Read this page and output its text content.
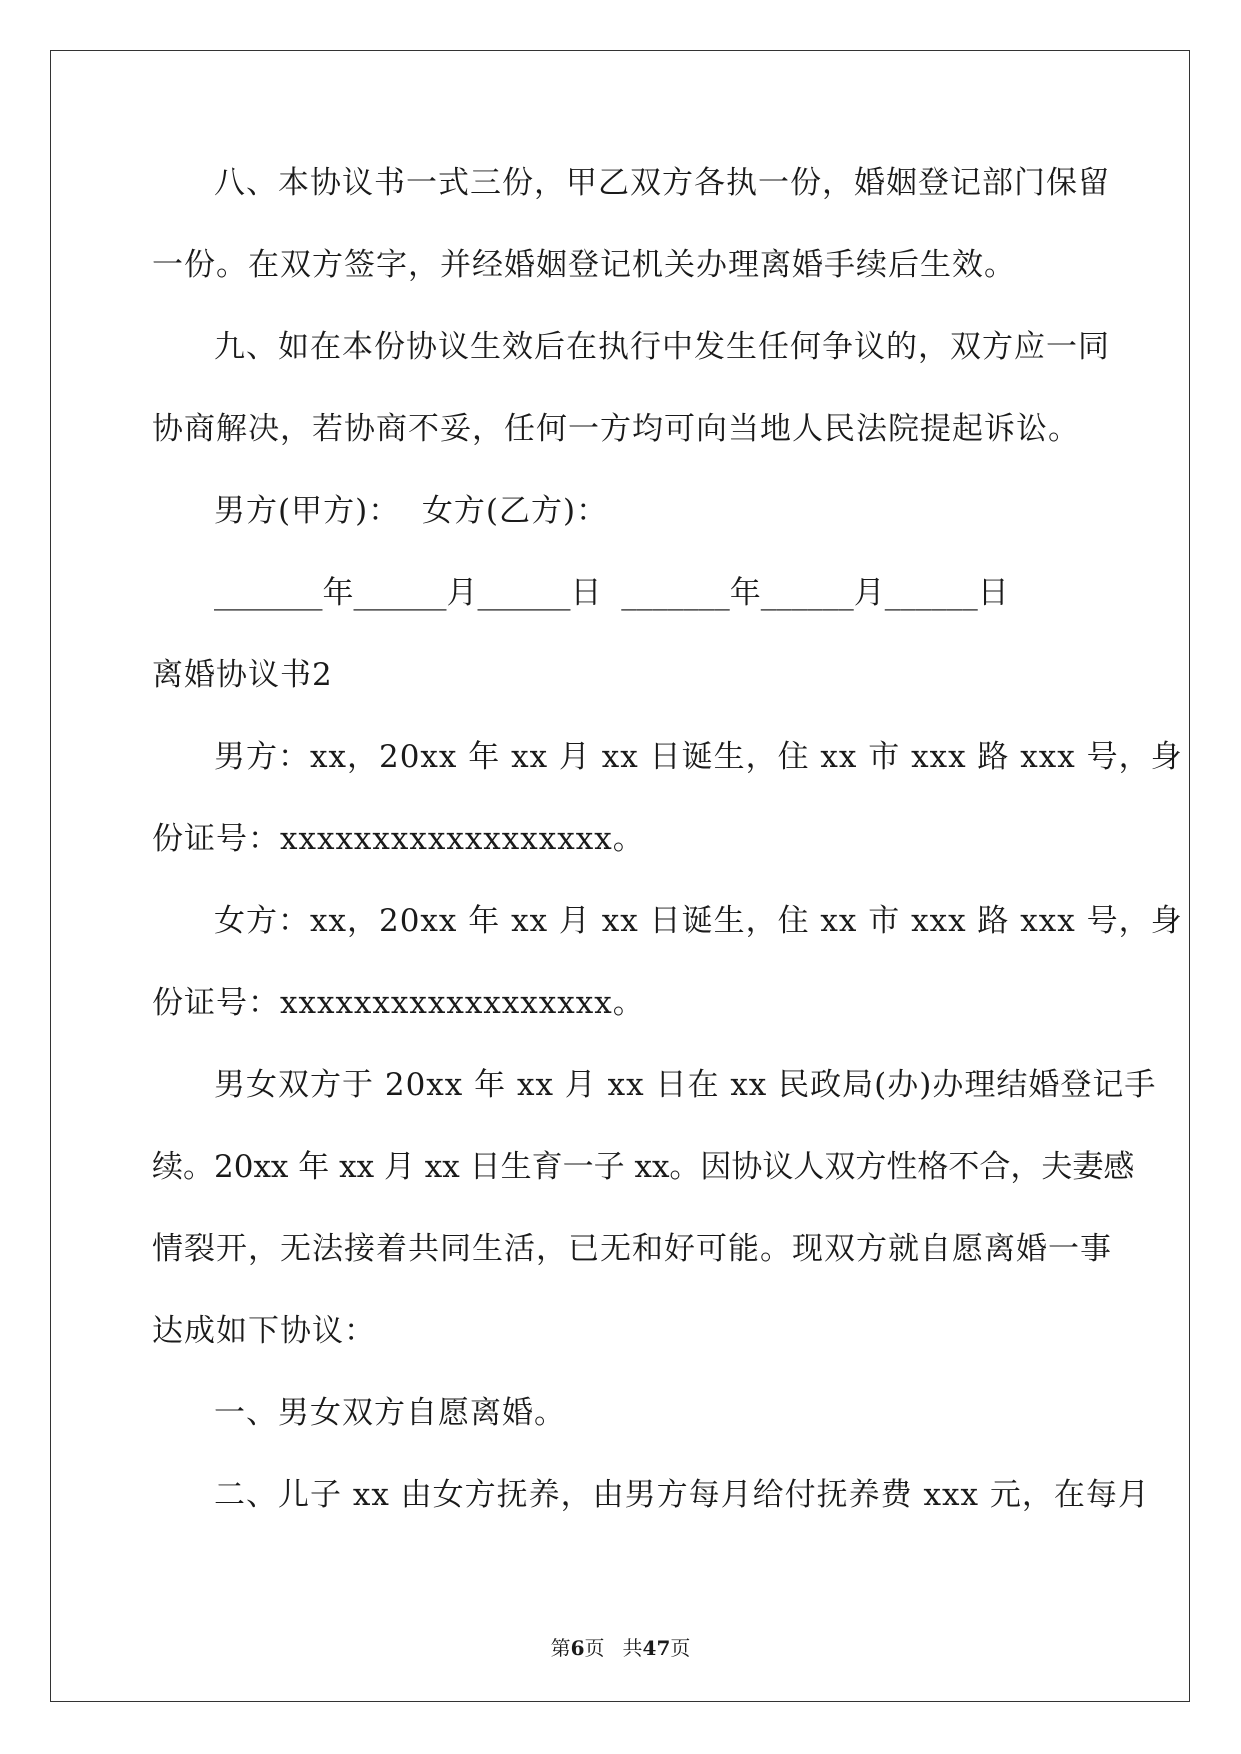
八、本协议书一式三份，甲乙双方各执一份，婚姻登记部门保留
一份。在双方签字，并经婚姻登记机关办理离婚手续后生效。
九、如在本份协议生效后在执行中发生任何争议的，双方应一同
协商解决，若协商不妥，任何一方均可向当地人民法院提起诉讼。
男方(甲方)：  女方(乙方)：
_______年______月______日  _______年______月______日
离婚协议书2
男方：xx，20xx 年 xx 月 xx 日诞生，住 xx 市 xxx 路 xxx 号，身
份证号：xxxxxxxxxxxxxxxxxx。
女方：xx，20xx 年 xx 月 xx 日诞生，住 xx 市 xxx 路 xxx 号，身
份证号：xxxxxxxxxxxxxxxxxx。
男女双方于 20xx 年 xx 月 xx 日在 xx 民政局(办)办理结婚登记手
续。20xx 年 xx 月 xx 日生育一子 xx。因协议人双方性格不合，夫妻感
情裂开，无法接着共同生活，已无和好可能。现双方就自愿离婚一事
达成如下协议：
一、男女双方自愿离婚。
二、儿子 xx 由女方抚养，由男方每月给付抚养费 xxx 元，在每月
第6页 共47页
